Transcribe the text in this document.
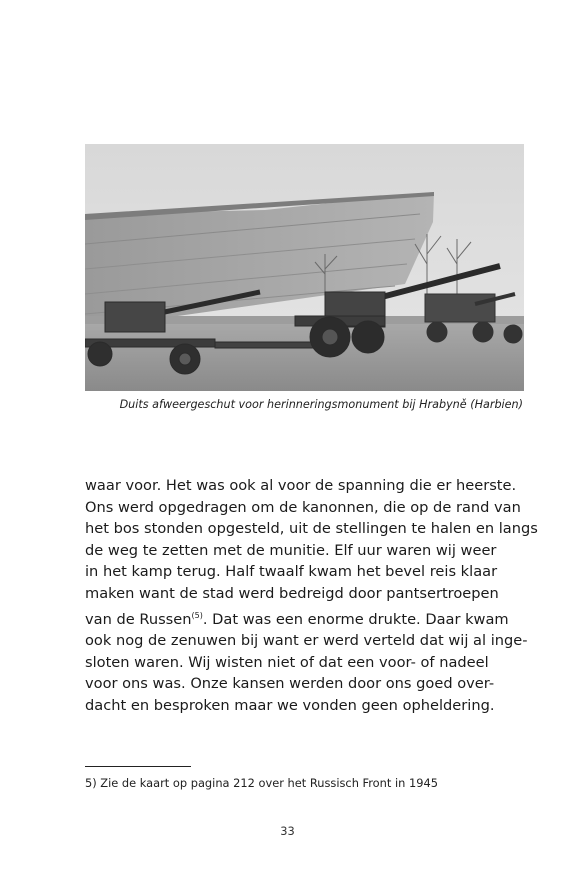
Duits afweergeschut voor herinneringsmonument bij Hrabyně (Harbien)
waar voor. Het was ook al voor de spanning die er heerste.
Ons werd opgedragen om de kanonnen, die op de rand van
het bos stonden opgesteld, uit de stellingen te halen en langs
de weg te zetten met de munitie. Elf uur waren wij weer
in het kamp terug. Half twaalf kwam het bevel reis klaar
maken want de stad werd bedreigd door pantsertroepen
van de Russen$^{(5)}$. Dat was een enorme drukte. Daar kwam
ook nog de zenuwen bij want er werd verteld dat wij al inge-
sloten waren. Wij wisten niet of dat een voor- of nadeel
voor ons was. Onze kansen werden door ons goed over-
dacht en besproken maar we vonden geen opheldering.
5) Zie de kaart op pagina 212 over het Russisch Front in 1945
33
